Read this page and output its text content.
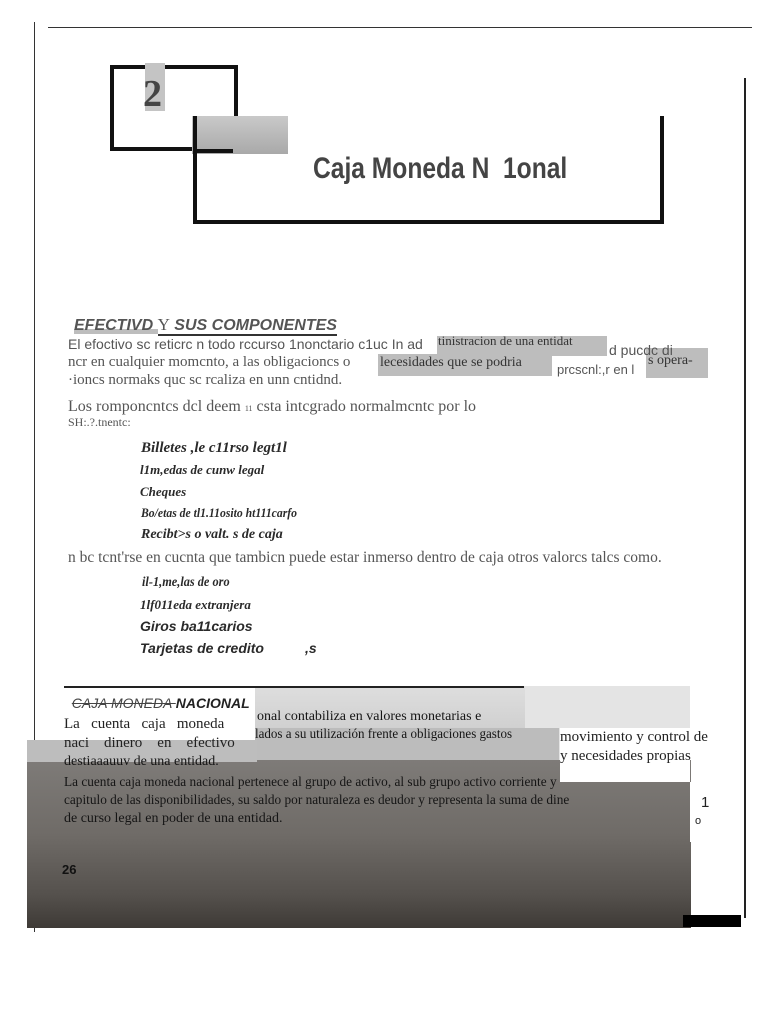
2
Caja Moneda N  1onal

EFECTIVD Y SUS COMPONENTES

El efoctivo sc reticrc n todo rccurso 1nonctario c1uc In ad tinistracion de una entidat
d pucdc di
ncr en cualquier momcnto, a las obligacioncs o lecesidades que se podria	prcscnl:,r en l
s opera-
·ioncs normaks quc sc rcaliza en unn cntidnd.
Los romponcntcs dcl deem 11 csta intcgrado normalmcntc por lo
SH:.?.tnentc:
Billetes ,le c11rso legt1l
l1m,edas de cunw legal
Cheques
Bo/etas de tl1.11osito ht111carfo
Recibt>s o valt. s de caja
n bc tcnt'rse en cucnta que tambicn puede estar inmerso dentro de caja otros valorcs talcs como.
il-1,me,las de oro
1lf011eda extranjera
Giros ba11carios
Tarjetas de credito	,s

CAJA MONEDA NACIONAL

La   cuenta   caja   moneda
naci    dinero    en    efectivo	movimiento y control de
y necesidades propias
onal contabiliza en valores monetarias e
lados a su utilización frente a obligaciones gastos
destiaaauuv de una entidad.
La cuenta caja moneda nacional pertenece al grupo de activo, al sub grupo activo corriente y
capitulo de las disponibilidades, su saldo por naturaleza es deudor y representa la suma de dine
de curso legal en poder de una entidad.
1
o
26
